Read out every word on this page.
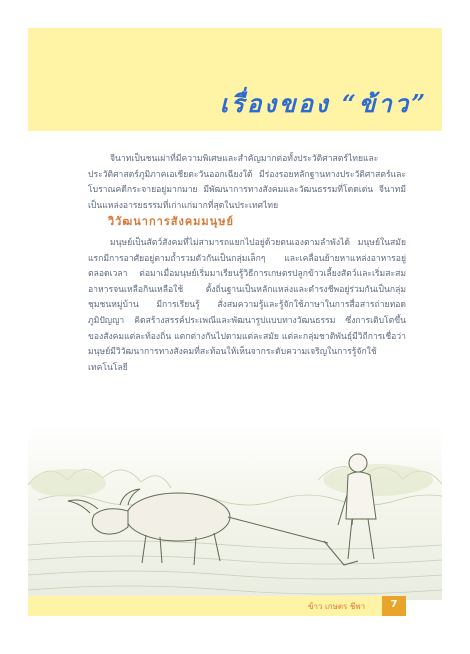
เรื่องของ “ข้าว”
จีนาทเป็นชนเผ่าที่มีความพิเศษและสำคัญมากต่อทั้งประวัติศาสตร์ไทยและประวัติศาสตร์ภูมิภาคเอเชียตะวันออกเฉียงใต้ มีร่องรอยหลักฐานทางประวัติศาสตร์และโบราณคดีกระจายอยู่มากมาย มีพัฒนาการทางสังคมและวัฒนธรรมที่โดดเด่น จีนาทมีเป็นแหล่งอารยธรรมที่เก่าแก่มากที่สุดในประเทศไทย
วิวัฒนาการสังคมมนุษย์
มนุษย์เป็นสัตว์สังคมที่ไม่สามารถแยกไปอยู่ด้วยตนเองตามลำพังได้ มนุษย์ในสมัยแรกมีการอาศัยอยู่ตามถ้ำรวมตัวกันเป็นกลุ่มเล็กๆ และเคลื่อนย้ายหาแหล่งอาหารอยู่ตลอดเวลา ต่อมาเมื่อมนุษย์เริ่มมาเรียนรู้วิธีการเกษตรปลูกข้าวเลี้ยงสัตว์และเริ่มสะสมอาหารจนเหลือกินเหลือใช้ ตั้งถิ่นฐานเป็นหลักแหล่งและดำรงชีพอยู่ร่วมกันเป็นกลุ่มชุมชนหมู่บ้าน มีการเรียนรู้ สั่งสมความรู้และรู้จักใช้ภาษาในการสื่อสารถ่ายทอดภูมิปัญญา คิดสร้างสรรค์ประเพณีและพัฒนารูปแบบทางวัฒนธรรม ซึ่งการเติบโตขึ้นของสังคมแต่ละท้องถิ่น แตกต่างกันไปตามแต่ละสมัย แต่ละกลุ่มชาติพันธุ์มีวิถีการเชื่อว่ามนุษย์มีวิวัฒนาการทางสังคมที่สะท้อนให้เห็นจากระดับความเจริญในการรู้จักใช้เทคโนโลยี
ข้าว เกษตร ชีพา	7
